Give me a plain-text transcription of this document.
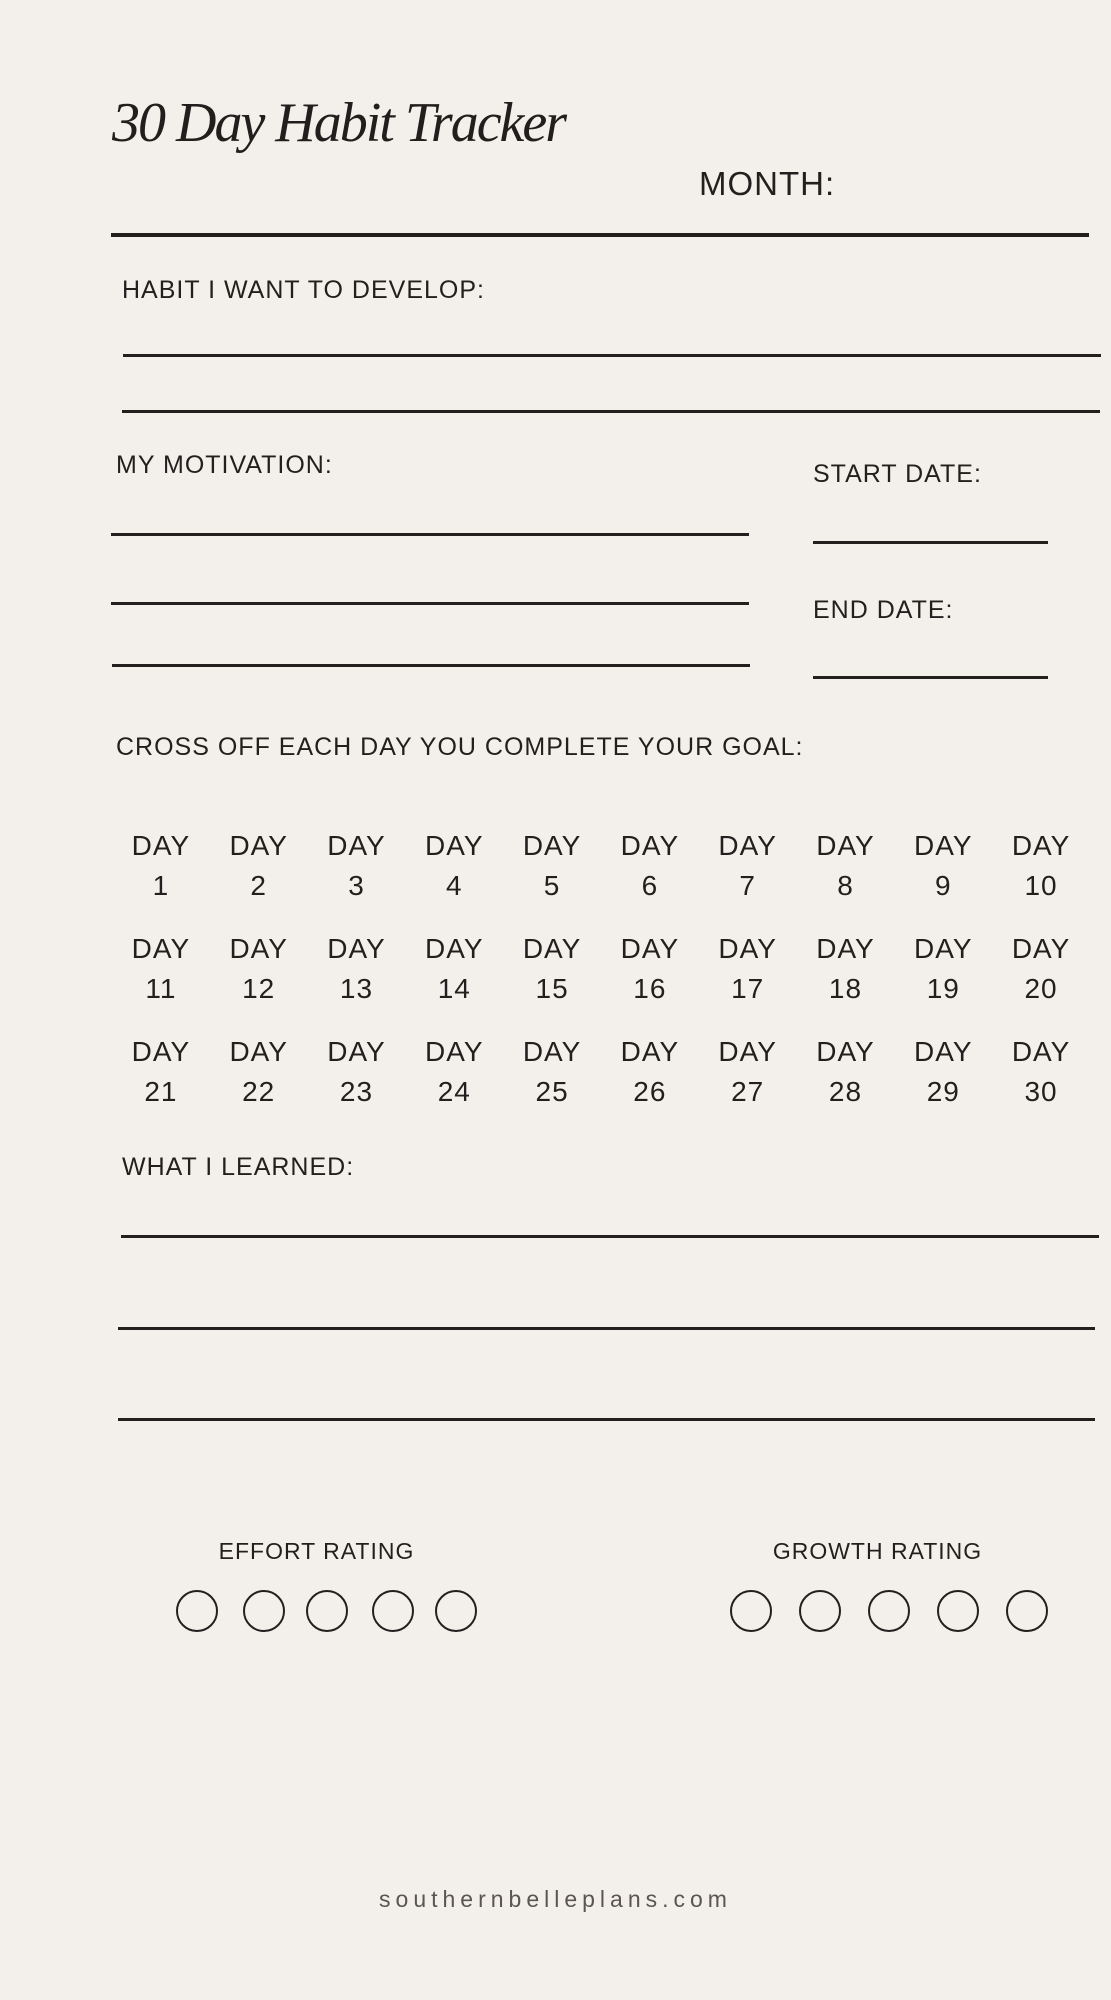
30 Day Habit Tracker
MONTH:
HABIT I WANT TO DEVELOP:
MY MOTIVATION:	START DATE:
END DATE:
CROSS OFF EACH DAY YOU COMPLETE YOUR GOAL:
DAY
1
DAY
2
DAY
3
DAY
4
DAY
5
DAY
6
DAY
7
DAY
8
DAY
9
DAY
10
DAY
11
DAY
12
DAY
13
DAY
14
DAY
15
DAY
16
DAY
17
DAY
18
DAY
19
DAY
20
DAY
21
DAY
22
DAY
23
DAY
24
DAY
25
DAY
26
DAY
27
DAY
28
DAY
29
DAY
30
WHAT I LEARNED:
EFFORT RATING	GROWTH RATING
southernbelleplans.com
